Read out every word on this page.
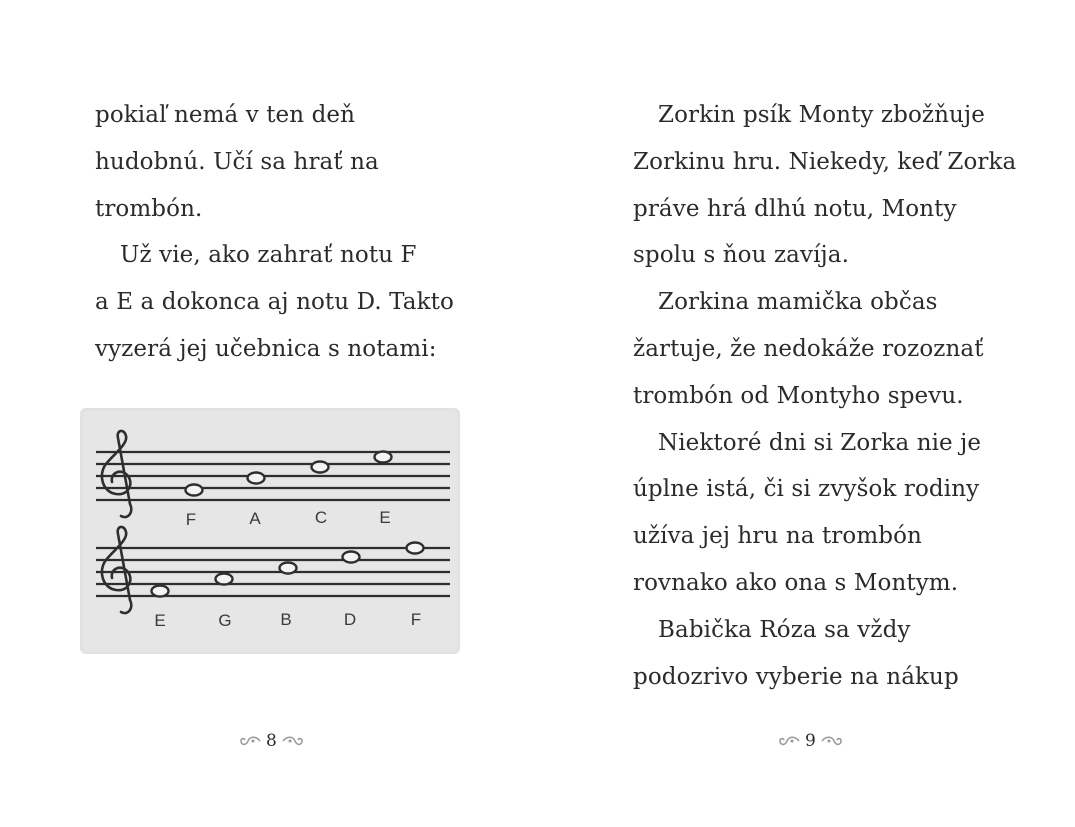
pokiaľ nemá v ten deň
hudobnú. Učí sa hrať na
trombón.
Už vie, ako zahrať notu F
a E a dokonca aj notu D. Takto
vyzerá jej učebnica s notami:
F	A	C	E
E	G	B	D	F
8
Zorkin psík Monty zbožňuje
Zorkinu hru. Niekedy, keď Zorka
práve hrá dlhú notu, Monty
spolu s ňou zavíja.
Zorkina mamička občas
žartuje, že nedokáže rozoznať
trombón od Montyho spevu.
Niektoré dni si Zorka nie je
úplne istá, či si zvyšok rodiny
užíva jej hru na trombón
rovnako ako ona s Montym.
Babička Róza sa vždy
podozrivo vyberie na nákup
9
